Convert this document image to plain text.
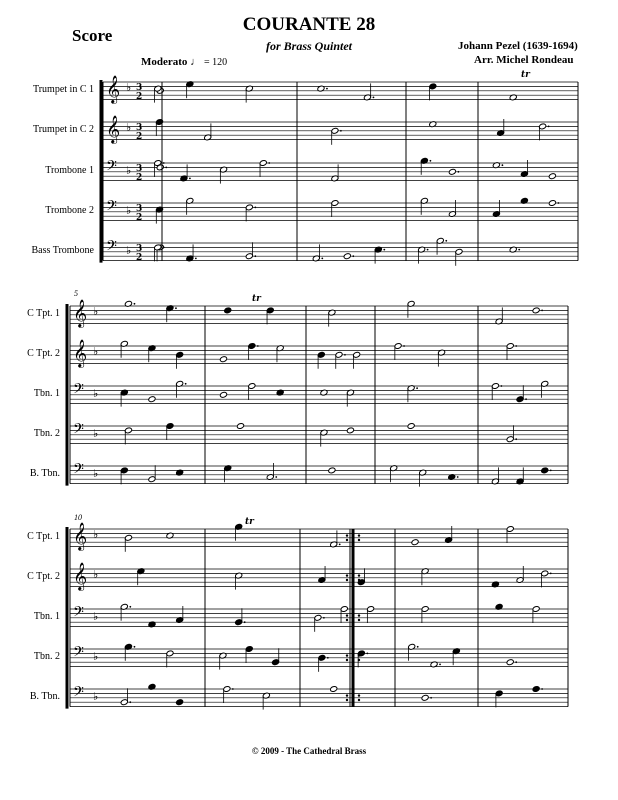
Score
COURANTE 28
for Brass Quintet	Johann Pezel (1639-1694)
Arr. Michel Rondeau
Moderato ♩ = 120
Trumpet in C 1
Trumpet in C 2
Trombone 1
Trombone 2
Bass Trombone
5
C Tpt. 1
C Tpt. 2
Tbn. 1
Tbn. 2
B. Tbn.
10
C Tpt. 1
C Tpt. 2
Tbn. 1
Tbn. 2
B. Tbn.
𝄞 ♭ 3
2
𝄞 ♭ 3
2
𝄢 ♭ 3
2
𝄢 ♭ 3
2
𝄢 ♭ 3
2
𝄞 ♭
𝄞 ♭
𝄢 ♭
𝄢 ♭
𝄢 ♭
𝄞 ♭
𝄞 ♭
𝄢 ♭
𝄢 ♭
𝄢 ♭
tr
tr
tr
© 2009 - The Cathedral Brass
